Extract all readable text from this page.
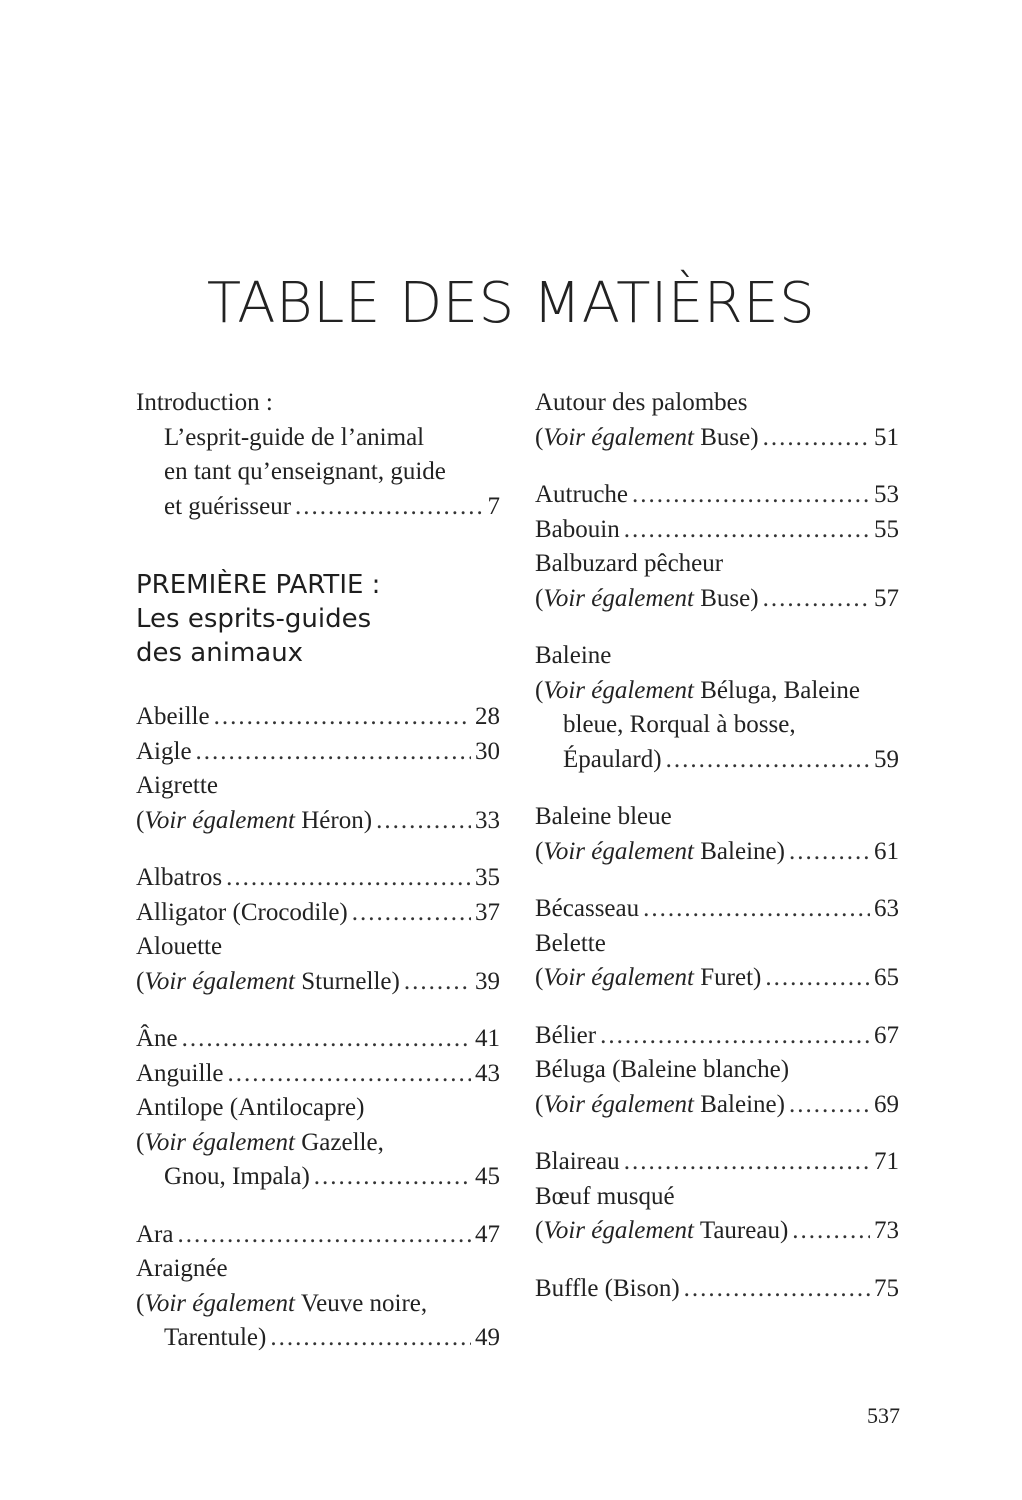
TABLE DES MATIÈRES
Introduction :
L’esprit-guide de l’animal
en tant qu’enseignant, guide
et guérisseur .....	7
PREMIÈRE PARTIE :
Les esprits-guides
des animaux
Abeille .....	28
Aigle .....	30
Aigrette
(Voir également Héron) .....	33
Albatros .....	35
Alligator (Crocodile) .....	37
Alouette
(Voir également Sturnelle) .....	39
Âne .....	41
Anguille .....	43
Antilope (Antilocapre)
(Voir également Gazelle,
Gnou, Impala) .....	45
Ara .....	47
Araignée
(Voir également Veuve noire,
Tarentule) .....	49
Autour des palombes
(Voir également Buse) .....	51
Autruche .....	53
Babouin .....	55
Balbuzard pêcheur
(Voir également Buse) .....	57
Baleine
(Voir également Béluga, Baleine
bleue, Rorqual à bosse,
Épaulard) .....	59
Baleine bleue
(Voir également Baleine) .....	61
Bécasseau .....	63
Belette
(Voir également Furet) .....	65
Bélier .....	67
Béluga (Baleine blanche)
(Voir également Baleine) .....	69
Blaireau .....	71
Bœuf musqué
(Voir également Taureau) .....	73
Buffle (Bison) .....	75
537
